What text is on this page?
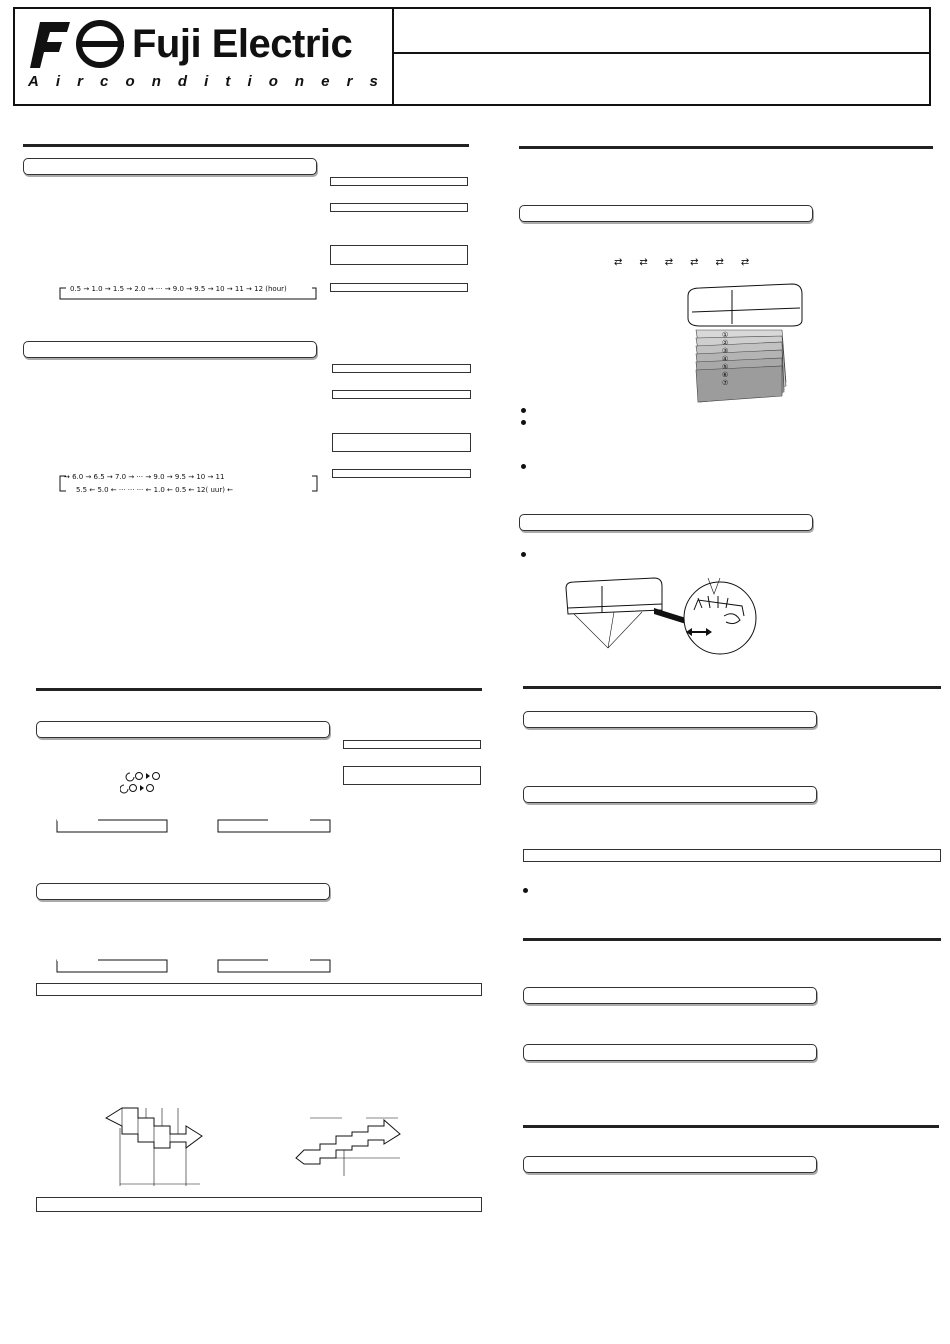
Fuji Electric
A i r c o n d i t i o n e r s
0.5 → 1.0 → 1.5 → 2.0 → ··· → 9.0 → 9.5 → 10 → 11 → 12 (hour)
→ 6.0 → 6.5 → 7.0 → ··· → 9.0 → 9.5 → 10 → 11
5.5 ← 5.0 ← ··· ··· ··· ← 1.0 ← 0.5 ← 12( uur) ←
⇄⇄⇄⇄⇄⇄
①
②
③
④
⑤
⑥
⑦
